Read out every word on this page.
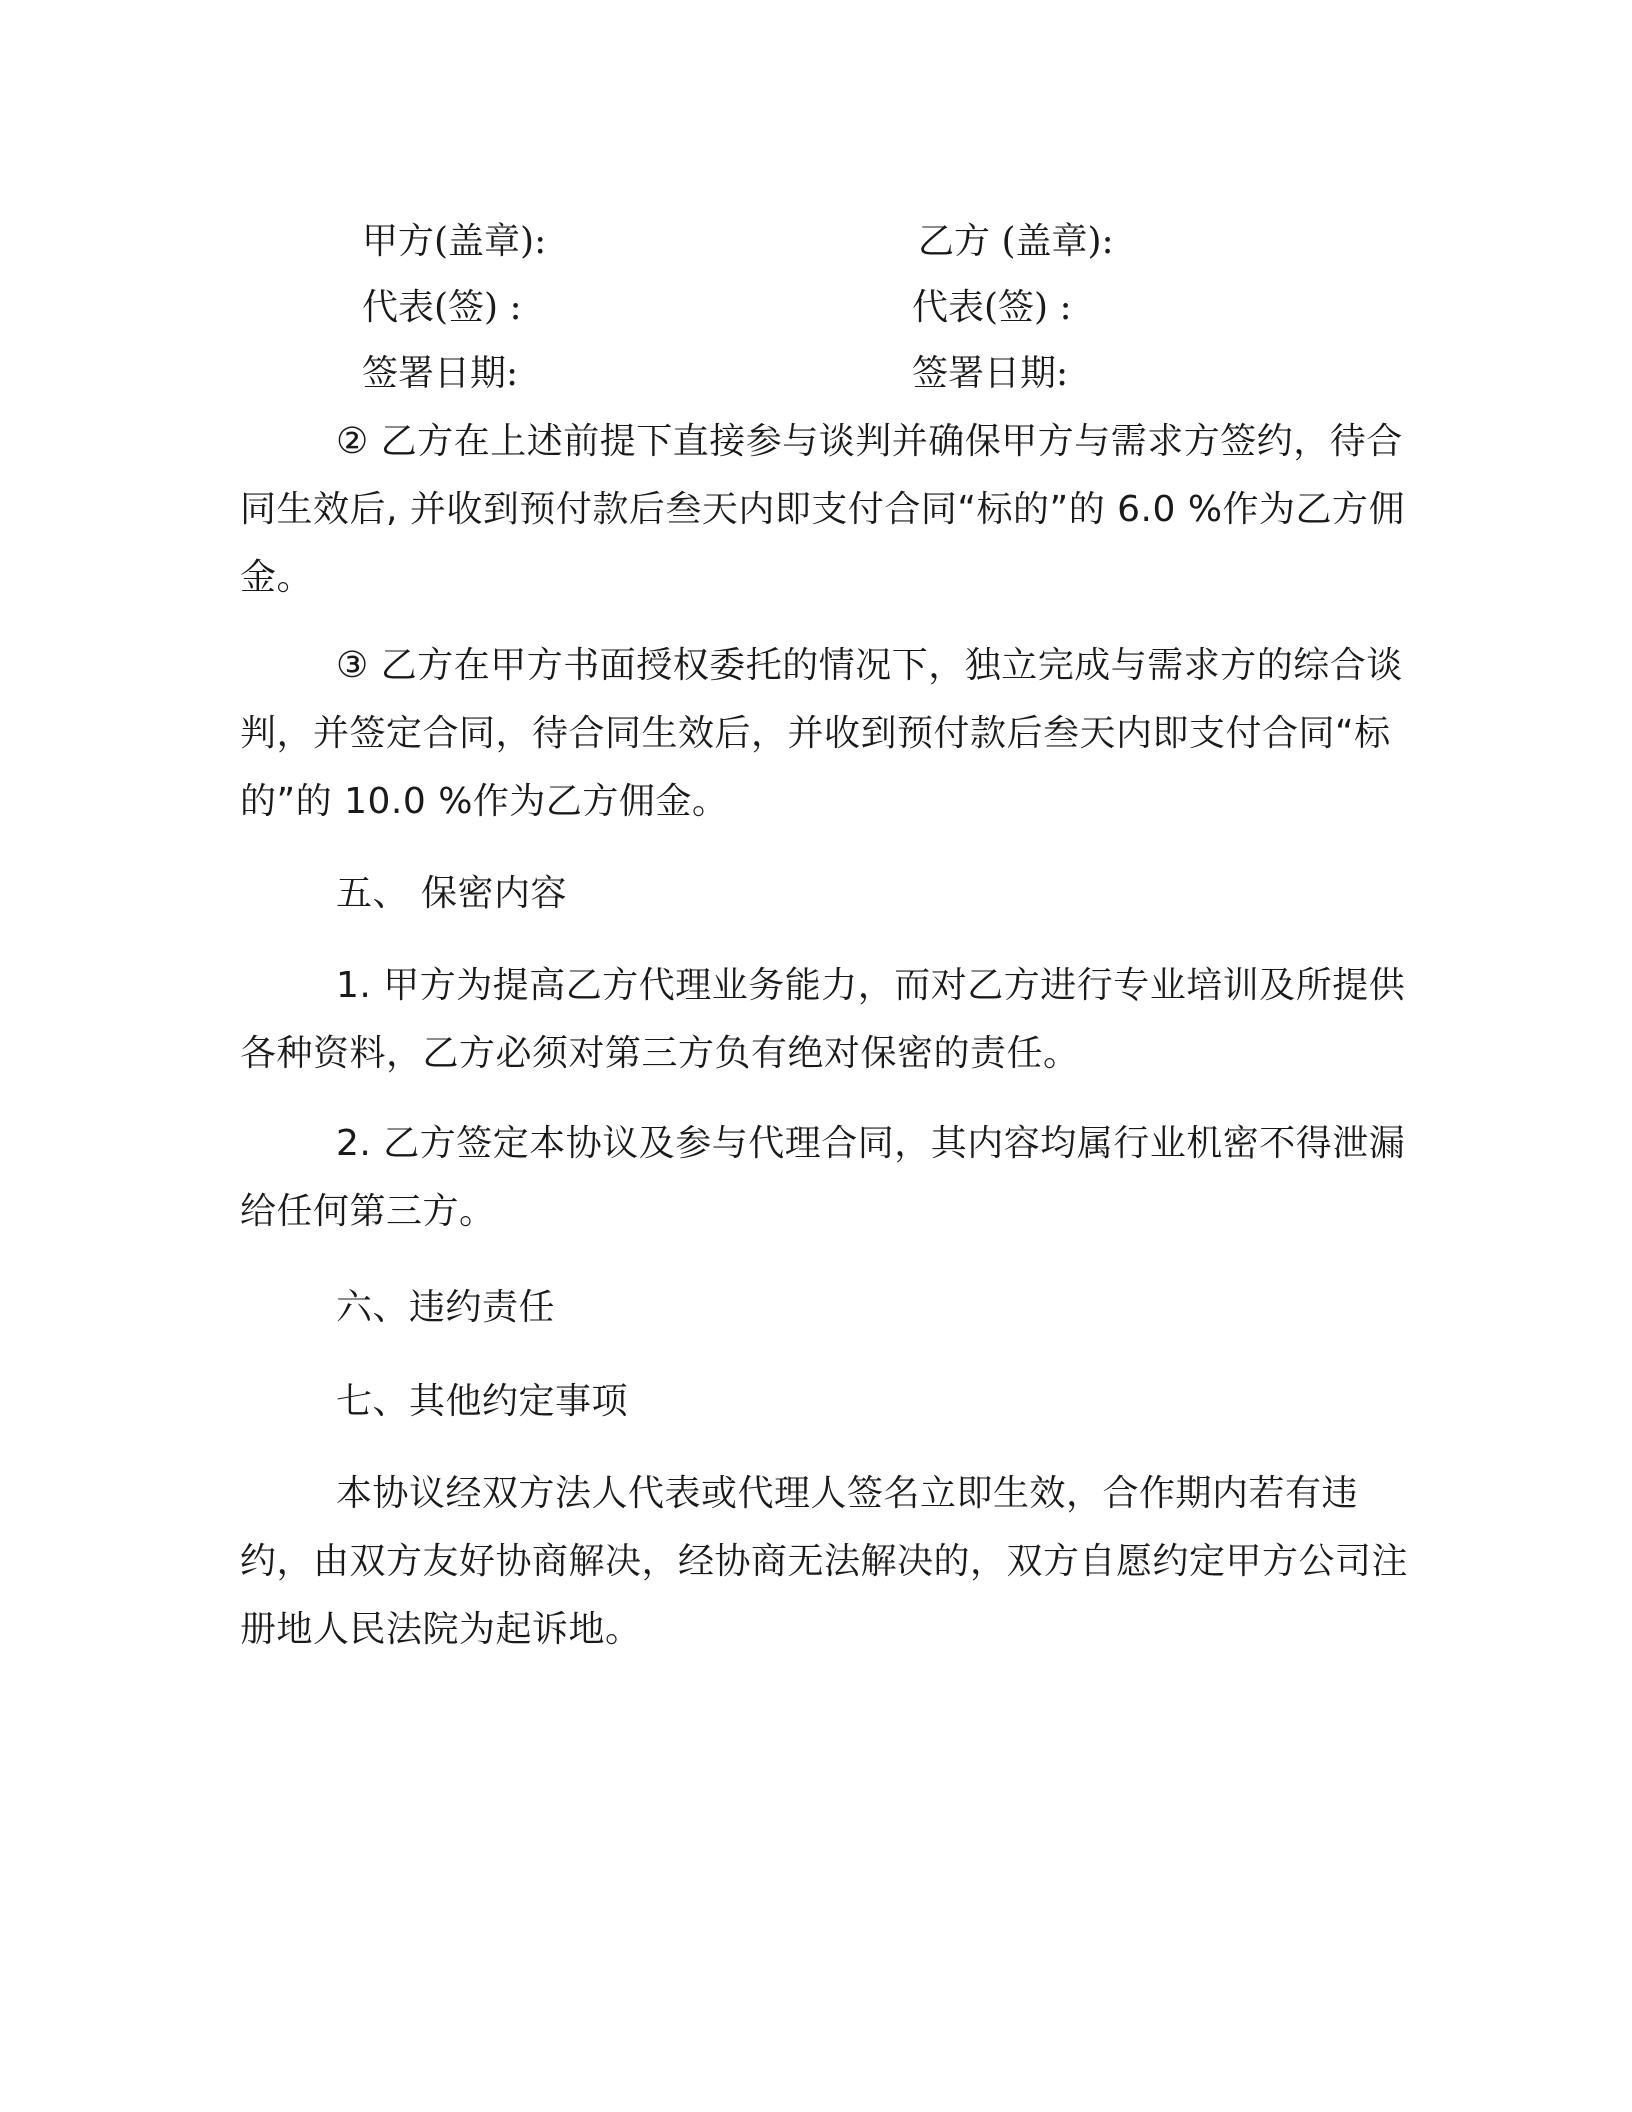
甲方(盖章):	乙方 (盖章):
代表(签) :	代表(签) :
签署日期:	签署日期:

② 乙方在上述前提下直接参与谈判并确保甲方与需求方签约，待合同生效后, 并收到预付款后叁天内即支付合同“标的”的 6.0 %作为乙方佣金。

③ 乙方在甲方书面授权委托的情况下，独立完成与需求方的综合谈判，并签定合同，待合同生效后，并收到预付款后叁天内即支付合同“标的”的 10.0 %作为乙方佣金。

五、 保密内容

1. 甲方为提高乙方代理业务能力，而对乙方进行专业培训及所提供各种资料，乙方必须对第三方负有绝对保密的责任。

2. 乙方签定本协议及参与代理合同，其内容均属行业机密不得泄漏给任何第三方。

六、违约责任

七、其他约定事项

本协议经双方法人代表或代理人签名立即生效，合作期内若有违约，由双方友好协商解决，经协商无法解决的，双方自愿约定甲方公司注册地人民法院为起诉地。
